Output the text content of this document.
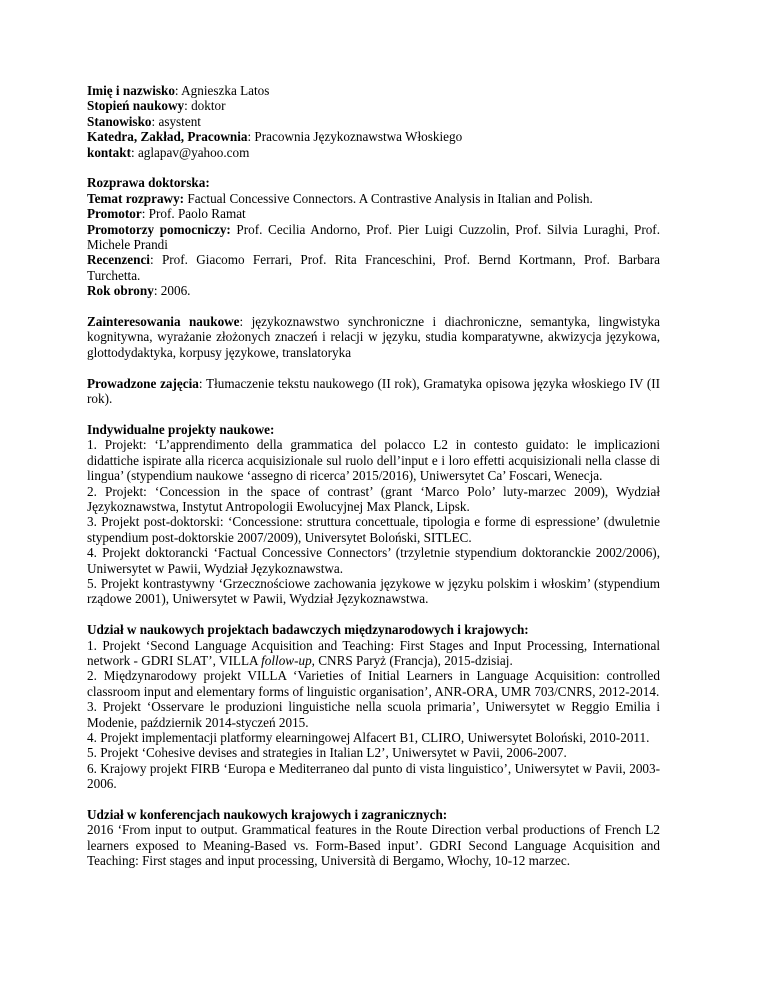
Imię i nazwisko: Agnieszka Latos

Stopień naukowy: doktor

Stanowisko: asystent

Katedra, Zakład, Pracownia: Pracownia Językoznawstwa Włoskiego

kontakt: aglapav@yahoo.com

Rozprawa doktorska:

Temat rozprawy: Factual Concessive Connectors. A Contrastive Analysis in Italian and Polish.

Promotor: Prof. Paolo Ramat

Promotorzy pomocniczy: Prof. Cecilia Andorno, Prof. Pier Luigi Cuzzolin, Prof. Silvia Luraghi, Prof. Michele Prandi

Recenzenci: Prof. Giacomo Ferrari, Prof. Rita Franceschini, Prof. Bernd Kortmann, Prof. Barbara Turchetta.

Rok obrony: 2006.

Zainteresowania naukowe: językoznawstwo synchroniczne i diachroniczne, semantyka, lingwistyka kognitywna, wyrażanie złożonych znaczeń i relacji w języku, studia komparatywne, akwizycja językowa, glottodydaktyka, korpusy językowe, translatoryka

Prowadzone zajęcia: Tłumaczenie tekstu naukowego (II rok), Gramatyka opisowa języka włoskiego IV (II rok).

Indywidualne projekty naukowe:

1. Projekt: ‘L’apprendimento della grammatica del polacco L2 in contesto guidato: le implicazioni didattiche ispirate alla ricerca acquisizionale sul ruolo dell’input e i loro effetti acquisizionali nella classe di lingua’ (stypendium naukowe ‘assegno di ricerca’ 2015/2016), Uniwersytet Ca’ Foscari, Wenecja.

2. Projekt: ‘Concession in the space of contrast’ (grant ‘Marco Polo’ luty-marzec 2009), Wydział Językoznawstwa, Instytut Antropologii Ewolucyjnej Max Planck, Lipsk.

3. Projekt post-doktorski: ‘Concessione: struttura concettuale, tipologia e forme di espressione’ (dwuletnie stypendium post-doktorskie 2007/2009), Universytet Boloński, SITLEC.

4. Projekt doktorancki ‘Factual Concessive Connectors’ (trzyletnie stypendium doktoranckie 2002/2006), Uniwersytet w Pawii, Wydział Językoznawstwa.

5. Projekt kontrastywny ‘Grzecznościowe zachowania językowe w języku polskim i włoskim’ (stypendium rządowe 2001), Uniwersytet w Pawii, Wydział Językoznawstwa.

Udział w naukowych projektach badawczych międzynarodowych i krajowych:

1. Projekt ‘Second Language Acquisition and Teaching: First Stages and Input Processing, International network - GDRI SLAT’, VILLA follow-up, CNRS Paryż (Francja), 2015-dzisiaj.

2. Międzynarodowy projekt VILLA ‘Varieties of Initial Learners in Language Acquisition: controlled classroom input and elementary forms of linguistic organisation’, ANR-ORA, UMR 703/CNRS, 2012-2014.

3. Projekt ‘Osservare le produzioni linguistiche nella scuola primaria’, Uniwersytet w Reggio Emilia i Modenie, październik 2014-styczeń 2015.

4. Projekt implementacji platformy elearningowej Alfacert B1, CLIRO, Uniwersytet Boloński, 2010-2011.

5. Projekt ‘Cohesive devises and strategies in Italian L2’, Uniwersytet w Pavii, 2006-2007.

6. Krajowy projekt FIRB ‘Europa e Mediterraneo dal punto di vista linguistico’, Uniwersytet w Pavii, 2003-2006.

Udział w konferencjach naukowych krajowych i zagranicznych:

2016 ‘From input to output. Grammatical features in the Route Direction verbal productions of French L2 learners exposed to Meaning-Based vs. Form-Based input’. GDRI Second Language Acquisition and Teaching: First stages and input processing, Università di Bergamo, Włochy, 10-12 marzec.
